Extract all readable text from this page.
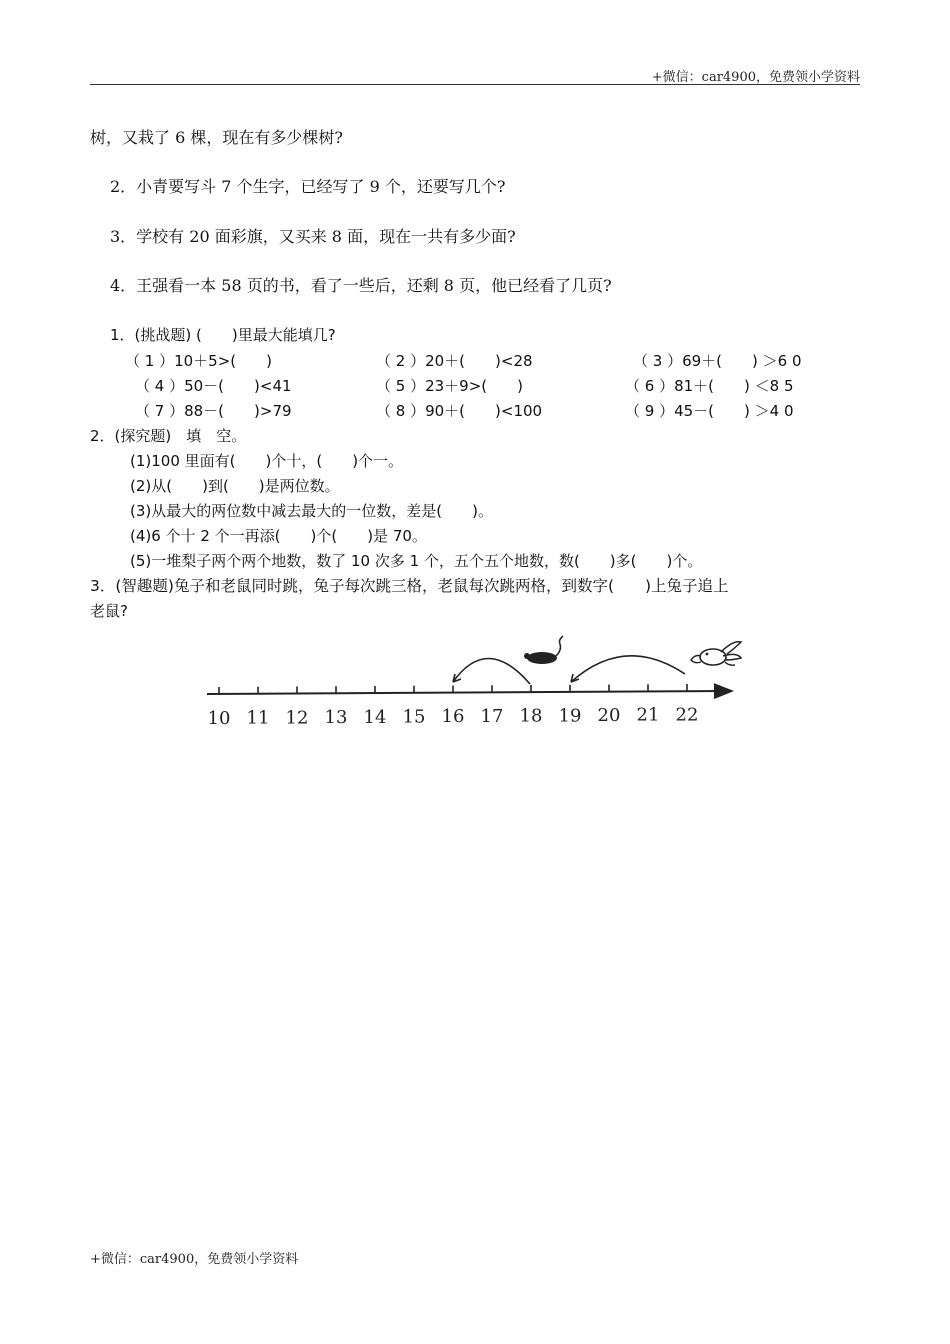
+微信：car4900，免费领小学资料
树，又栽了 6 棵，现在有多少棵树?
2．小青要写斗 7 个生字，已经写了 9 个，还要写几个?
3．学校有 20 面彩旗，又买来 8 面，现在一共有多少面?
4．王强看一本 58 页的书，看了一些后，还剩 8 页，他已经看了几页?
1．(挑战题) (　　)里最大能填几?
（ 1 ）10＋5>(　　)	（ 2 ）20＋(　　)<28	（ 3 ）69＋(　　) ＞6 0
（ 4 ）50－(　　)<41	（ 5 ）23＋9>(　　)	（ 6 ）81＋(　　) ＜8 5
（ 7 ）88－(　　)>79	（ 8 ）90＋(　　)<100	（ 9 ）45－(　　) ＞4 0
2．(探究题)　填　空。
(1)100 里面有(　　)个十，(　　)个一。
(2)从(　　)到(　　)是两位数。
(3)从最大的两位数中减去最大的一位数，差是(　　)。
(4)6 个十 2 个一再添(　　)个(　　)是 70。
(5)一堆梨子两个两个地数，数了 10 次多 1 个，五个五个地数，数(　　)多(　　)个。
3．(智趣题)兔子和老鼠同时跳，兔子每次跳三格，老鼠每次跳两格，到数字(　　)上兔子追上
老鼠?
10 11 12 13 14 15 16 17 18 19 20 21 22
+微信：car4900，免费领小学资料
